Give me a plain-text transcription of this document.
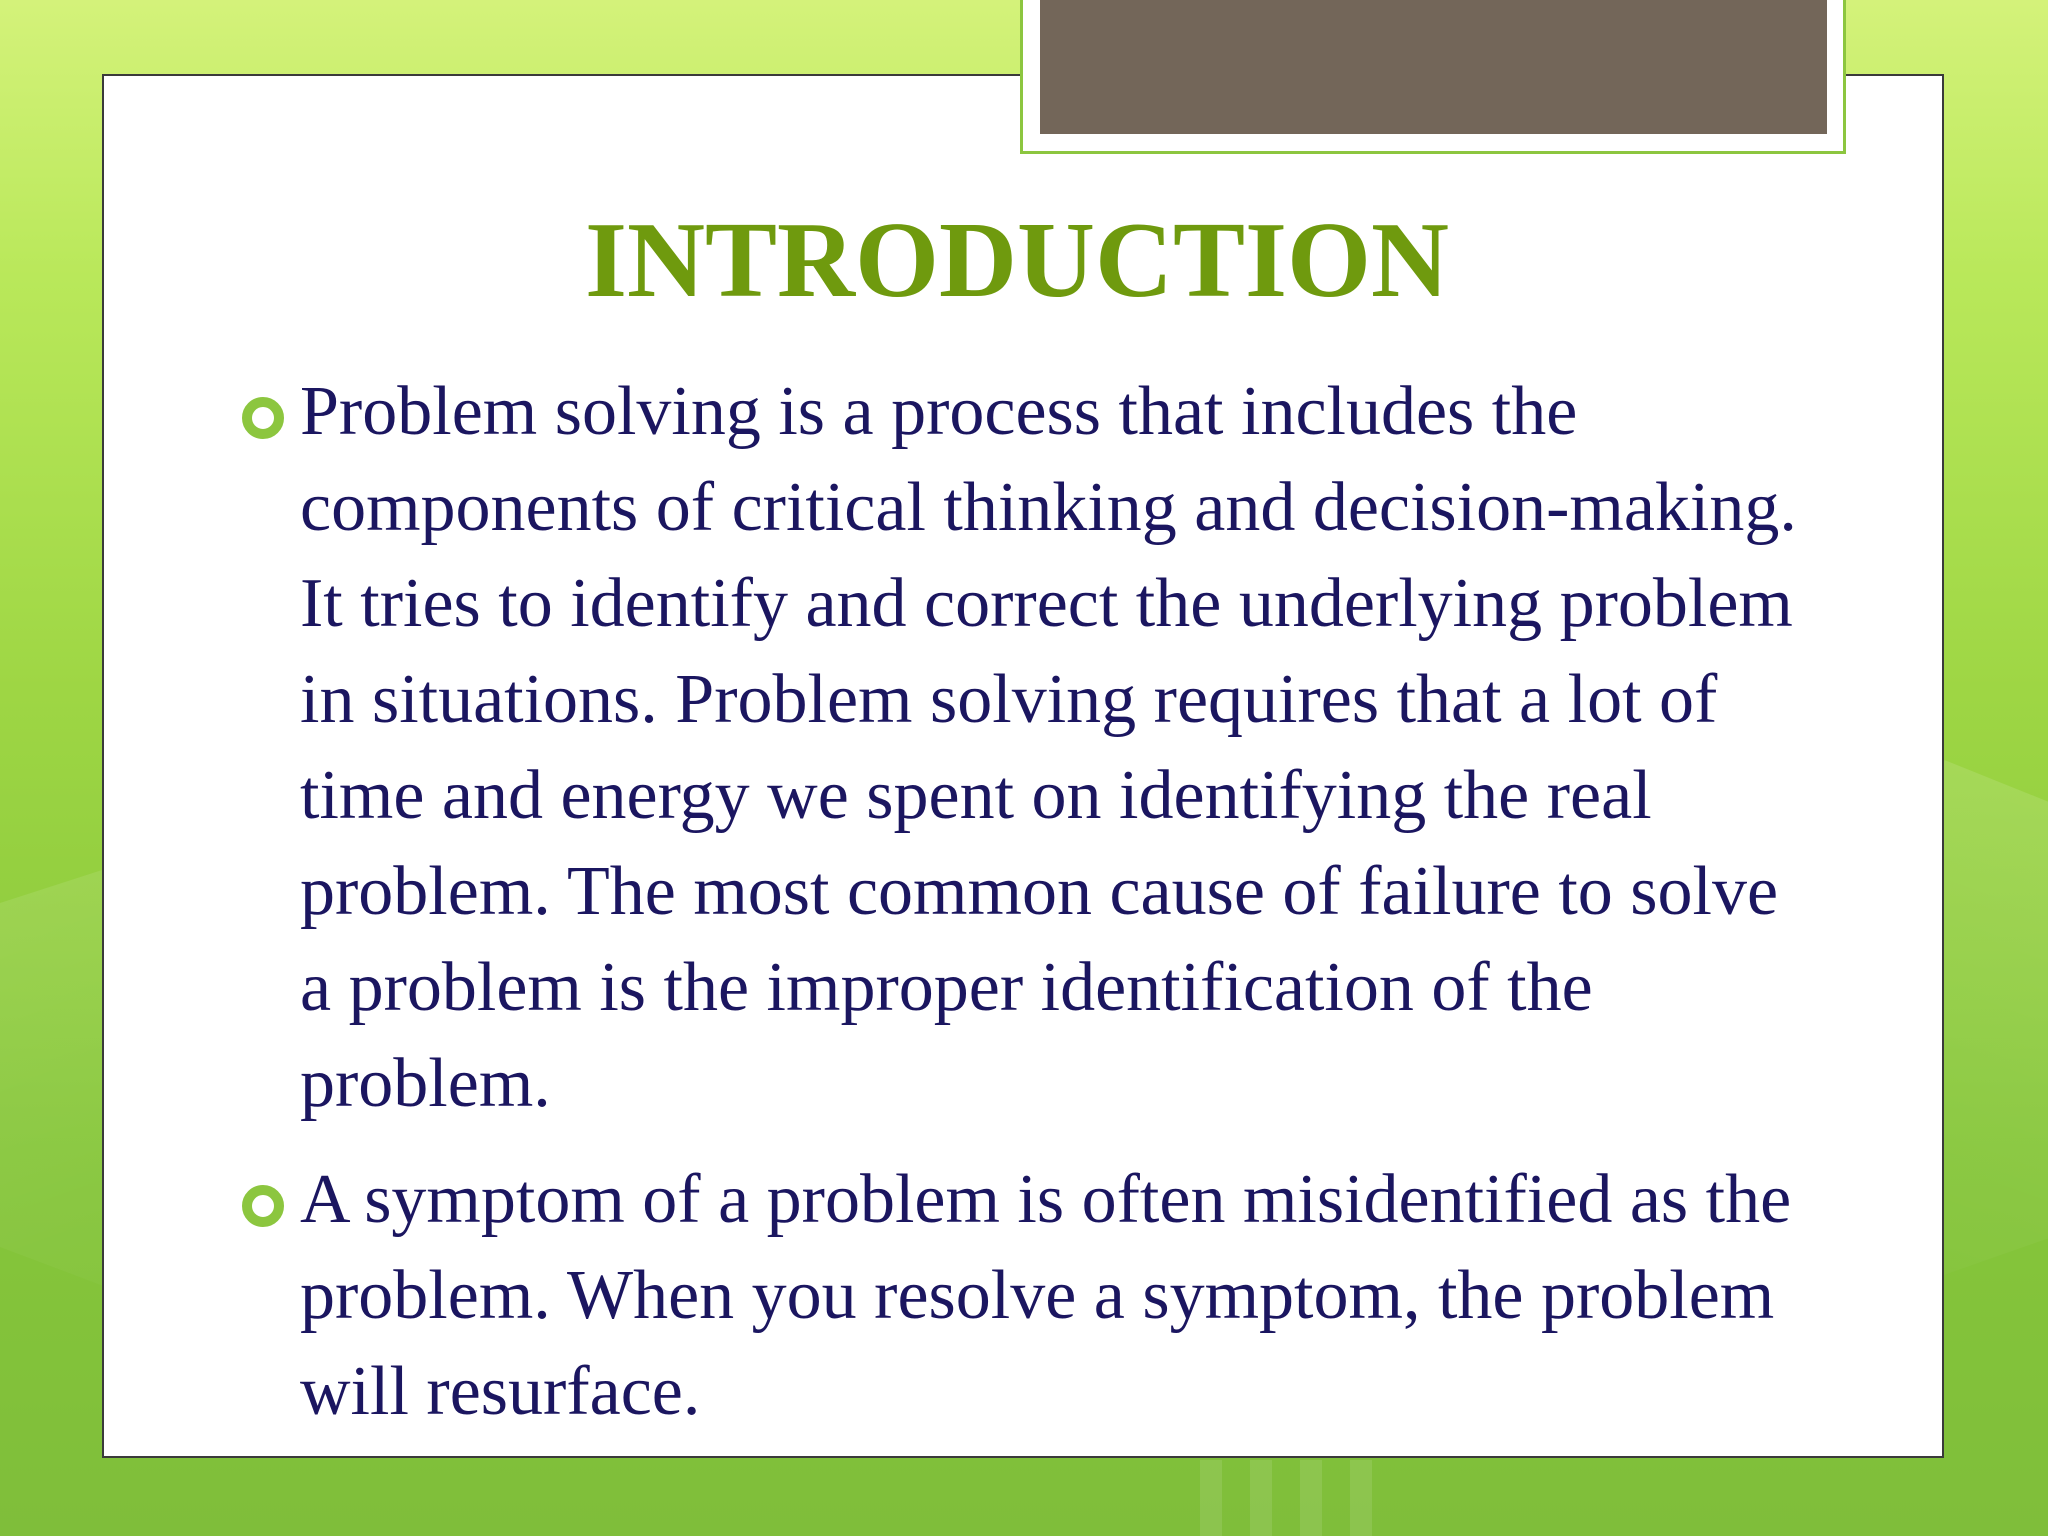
INTRODUCTION
Problem solving is a process that includes the components of critical thinking and decision-making. It tries to identify and correct the underlying problem in situations. Problem solving requires that a lot of time and energy we spent on identifying the real problem. The most common cause of failure to solve a problem is the improper identification of the problem.
A symptom of a problem is often misidentified as the problem. When you resolve a symptom, the problem will resurface.
